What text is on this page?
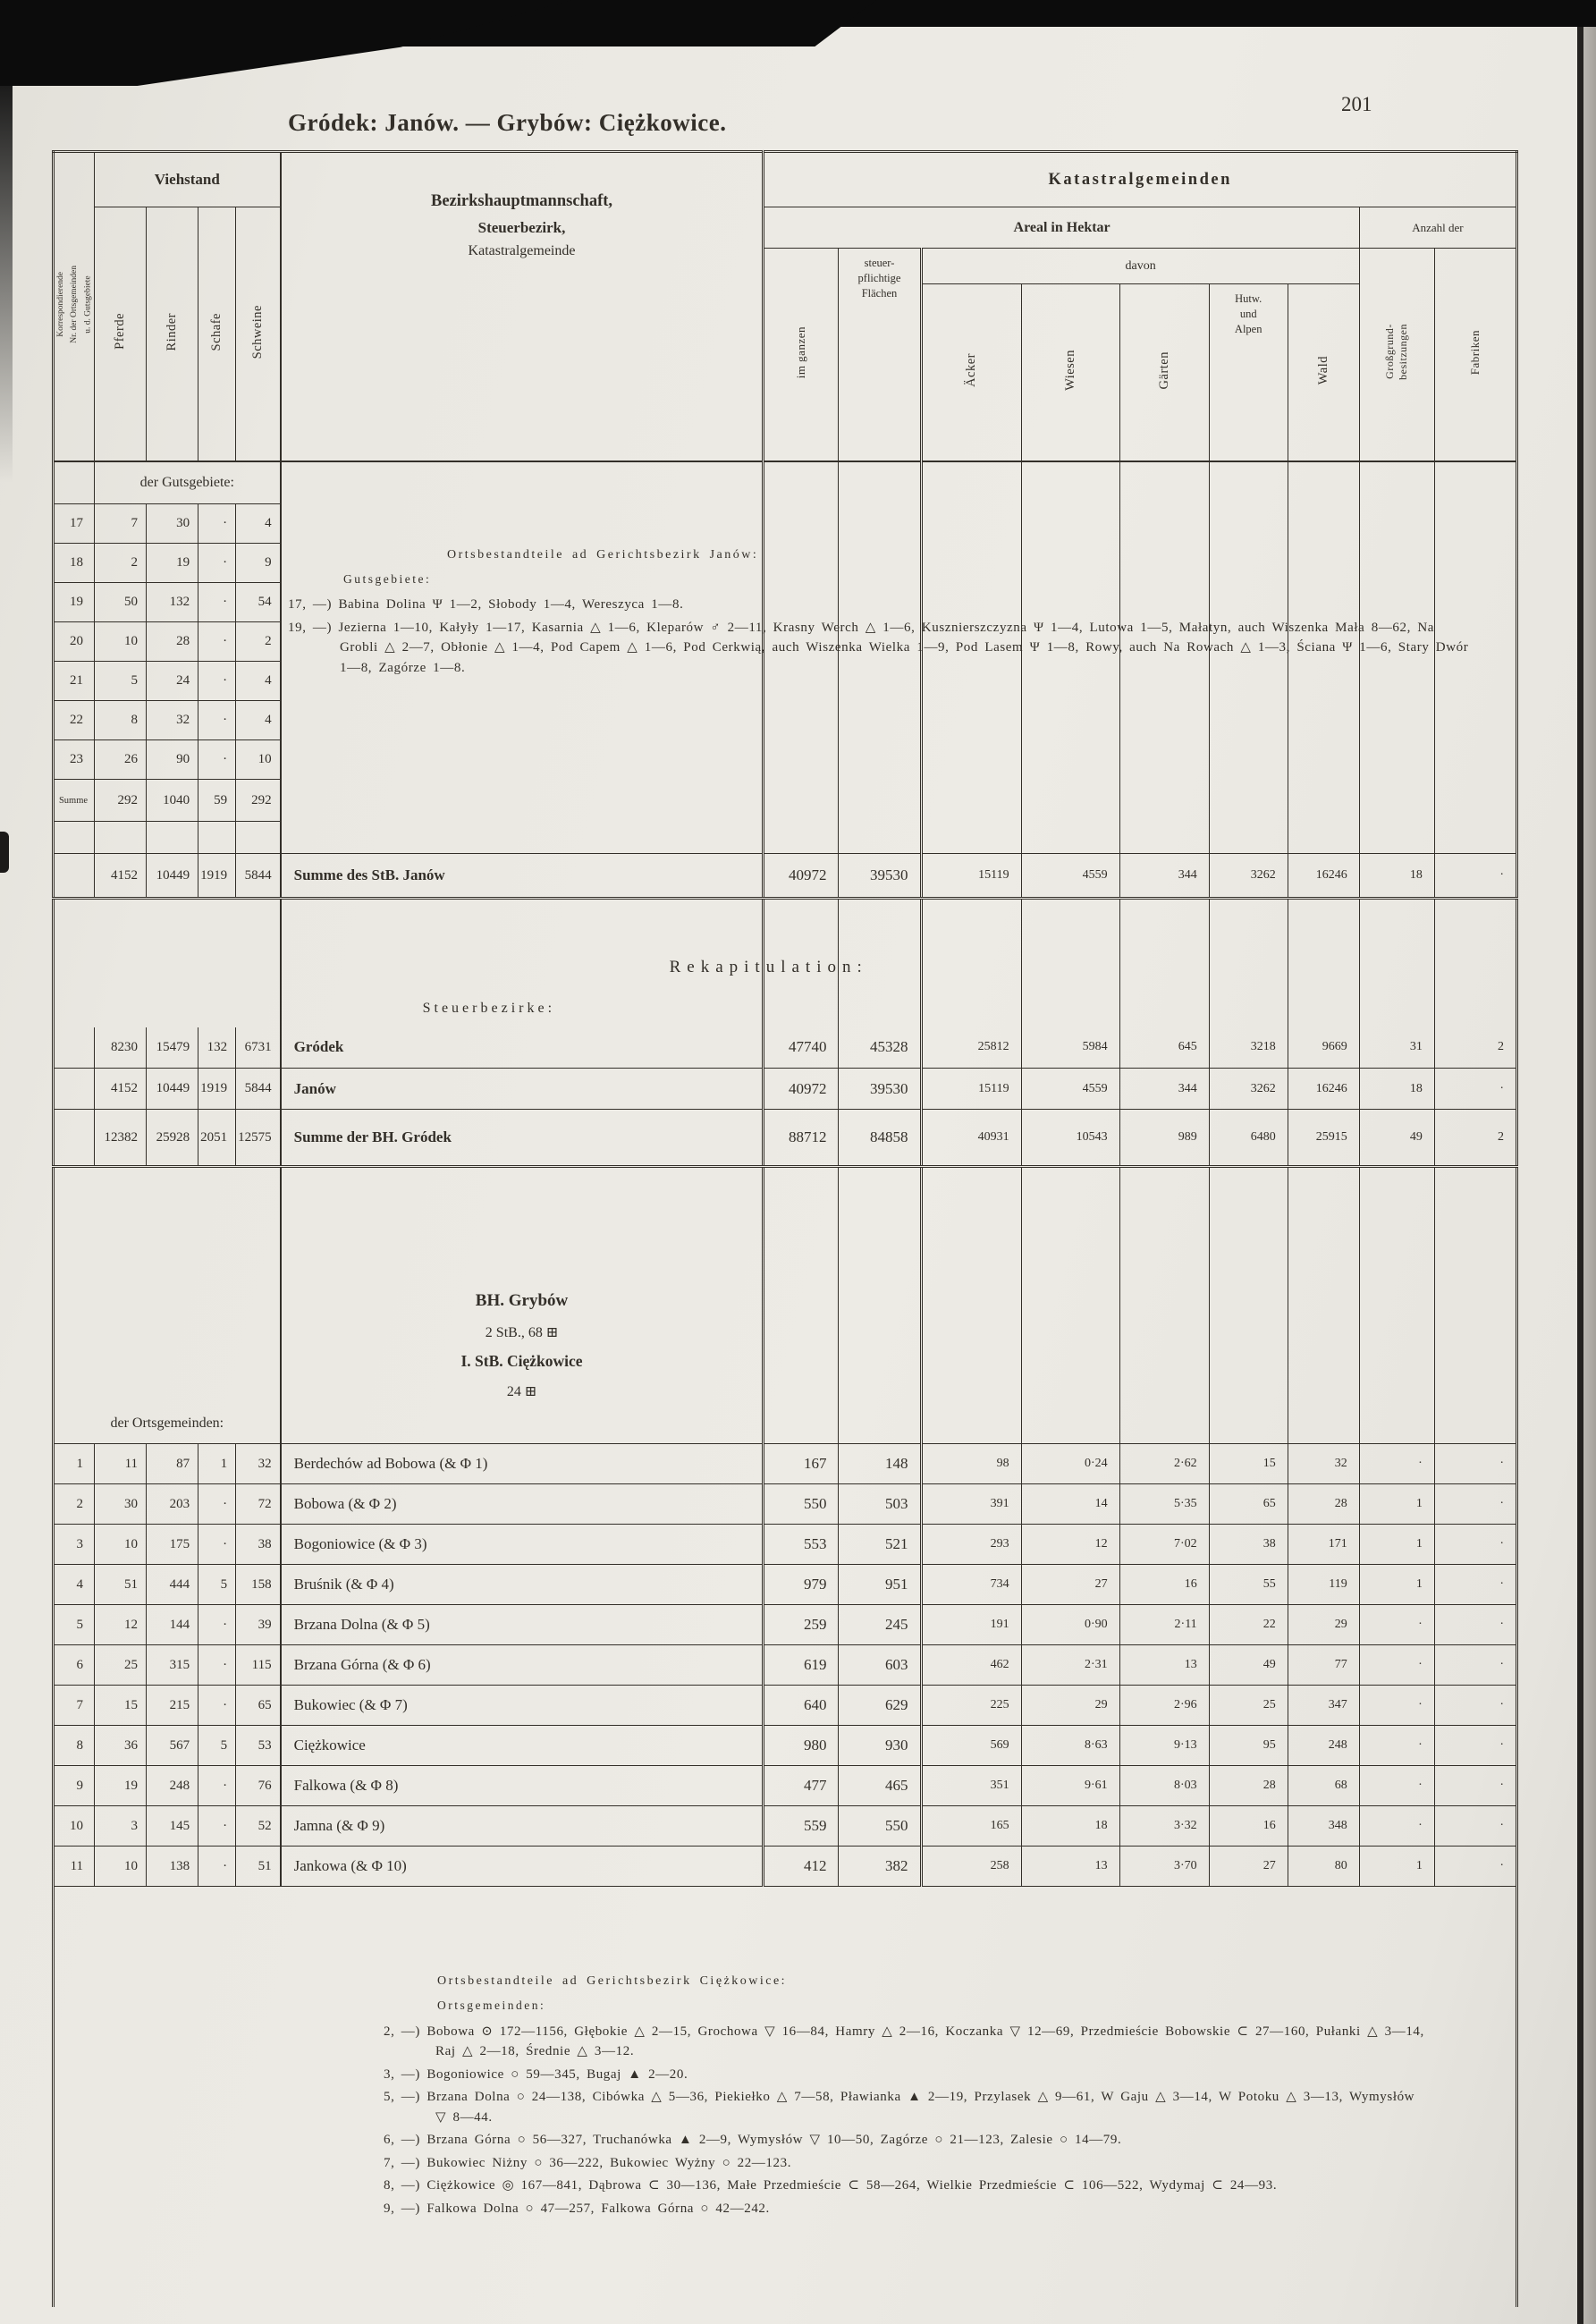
Gródek: Janów. — Grybów: Ciężkowice.
201
Korrespondierende Nr. der Ortsgemeinden u. d. Gutsgebiete
	Viehstand	
Bezirkshauptmannschaft,
Steuerbezirk,
Katastralgemeinde
	Katastralgemeinden
	Pferde	Rinder	Schafe	Schweine		Areal in Hektar							Anzahl der	
						im ganzen	steuer-
pflichtige
Flächen	davon					Großgrund- besitzungen	Fabriken
								Äcker	Wiesen	Gärten	Hutw.
und
Alpen	Wald		
	der Gutsgebiete:													
17	7	30	·	4										
18	2	19	·	9										
19	50	132	·	54										
20	10	28	·	2										
21	5	24	·	4										
22	8	32	·	4										
23	26	90	·	10										
Summe	292	1040	59	292										

	4152	10449	1919	5844	Summe des StB. Janów	40972	39530	15119	4559	344	3262	16246	18	·

					Rekapitulation:									

					Steuerbezirke:									

	8230	15479	132	6731	Gródek	47740	45328	25812	5984	645	3218	9669	31	2
	4152	10449	1919	5844	Janów	40972	39530	15119	4559	344	3262	16246	18	·
	12382	25928	2051	12575	Summe der BH. Gródek	88712	84858	40931	10543	989	6480	25915	49	2

					BH. Grybów									
					2 StB., 68 ⊞									
					I. StB. Ciężkowice									
					24 ⊞									
der Ortsgemeinden:														
1	11	87	1	32	Berdechów ad Bobowa (& Φ 1)	167	148	98	0·24	2·62	15	32	·	·
2	30	203	·	72	Bobowa (& Φ 2)	550	503	391	14	5·35	65	28	1	·
3	10	175	·	38	Bogoniowice (& Φ 3)	553	521	293	12	7·02	38	171	1	·
4	51	444	5	158	Bruśnik (& Φ 4)	979	951	734	27	16	55	119	1	·
5	12	144	·	39	Brzana Dolna (& Φ 5)	259	245	191	0·90	2·11	22	29	·	·
6	25	315	·	115	Brzana Górna (& Φ 6)	619	603	462	2·31	13	49	77	·	·
7	15	215	·	65	Bukowiec (& Φ 7)	640	629	225	29	2·96	25	347	·	·
8	36	567	5	53	Ciężkowice	980	930	569	8·63	9·13	95	248	·	·
9	19	248	·	76	Falkowa (& Φ 8)	477	465	351	9·61	8·03	28	68	·	·
10	3	145	·	52	Jamna (& Φ 9)	559	550	165	18	3·32	16	348	·	·
11	10	138	·	51	Jankowa (& Φ 10)	412	382	258	13	3·70	27	80	1	·

Ortsbestandteile ad Gerichtsbezirk Ciężkowice:
Ortsgemeinden:
2, —) Bobowa ⊙ 172—1156, Głębokie △ 2—15, Grochowa ▽ 16—84, Hamry △ 2—16, Koczanka ▽ 12—69, Przedmieście Bobowskie ⊂ 27—160, Pułanki △ 3—14, Raj △ 2—18, Średnie △ 3—12.
3, —) Bogoniowice ○ 59—345, Bugaj ▲ 2—20.
5, —) Brzana Dolna ○ 24—138, Cibówka △ 5—36, Piekiełko △ 7—58, Pławianka ▲ 2—19, Przylasek △ 9—61, W Gaju △ 3—14, W Potoku △ 3—13, Wymysłów ▽ 8—44.
6, —) Brzana Górna ○ 56—327, Truchanówka ▲ 2—9, Wymysłów ▽ 10—50, Zagórze ○ 21—123, Zalesie ○ 14—79.
7, —) Bukowiec Niżny ○ 36—222, Bukowiec Wyżny ○ 22—123.
8, —) Ciężkowice ◎ 167—841, Dąbrowa ⊂ 30—136, Małe Przedmieście ⊂ 58—264, Wielkie Przedmieście ⊂ 106—522, Wydymaj ⊂ 24—93.
9, —) Falkowa Dolna ○ 47—257, Falkowa Górna ○ 42—242.
Ortsbestandteile ad Gerichtsbezirk Janów:
Gutsgebiete:
17, —) Babina Dolina Ψ 1—2, Słobody 1—4, Wereszyca 1—8.
19, —) Jezierna 1—10, Kałyły 1—17, Kasarnia △ 1—6, Kleparów ♂ 2—11, Krasny Werch △ 1—6, Kusznierszczyzna Ψ 1—4, Lutowa 1—5, Małatyn, auch Wiszenka Mała 8—62, Na Grobli △ 2—7, Obłonie △ 1—4, Pod Capem △ 1—6, Pod Cerkwią, auch Wiszenka Wielka 1—9, Pod Lasem Ψ 1—8, Rowy, auch Na Rowach △ 1—3, Ściana Ψ 1—6, Stary Dwór 1—8, Zagórze 1—8.
